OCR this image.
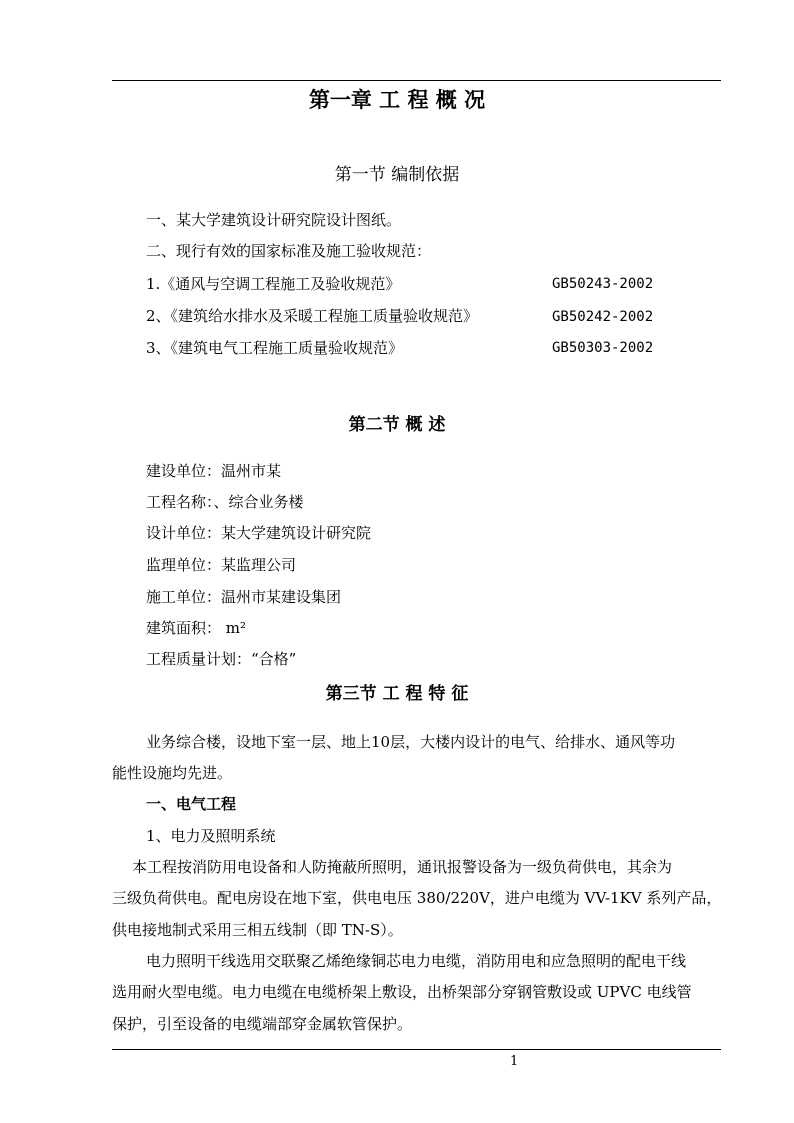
第一章 工 程 概 况
第一节 编制依据
一、某大学建筑设计研究院设计图纸。
二、现行有效的国家标准及施工验收规范：
1.《通风与空调工程施工及验收规范》	GB50243-2002
2、《建筑给水排水及采暖工程施工质量验收规范》	GB50242-2002
3、《建筑电气工程施工质量验收规范》	GB50303-2002
第二节 概 述
建设单位：温州市某
工程名称：、综合业务楼
设计单位：某大学建筑设计研究院
监理单位：某监理公司
施工单位：温州市某建设集团
建筑面积： m²
工程质量计划：“合格”
第三节 工 程 特 征
业务综合楼，设地下室一层、地上10层，大楼内设计的电气、给排水、通风等功
能性设施均先进。
一、电气工程
1、电力及照明系统
本工程按消防用电设备和人防掩蔽所照明，通讯报警设备为一级负荷供电，其余为
三级负荷供电。配电房设在地下室，供电电压 380/220V，进户电缆为 VV-1KV 系列产品，
供电接地制式采用三相五线制（即 TN-S）。
电力照明干线选用交联聚乙烯绝缘铜芯电力电缆，消防用电和应急照明的配电干线
选用耐火型电缆。电力电缆在电缆桥架上敷设，出桥架部分穿钢管敷设或 UPVC 电线管
保护，引至设备的电缆端部穿金属软管保护。
1
